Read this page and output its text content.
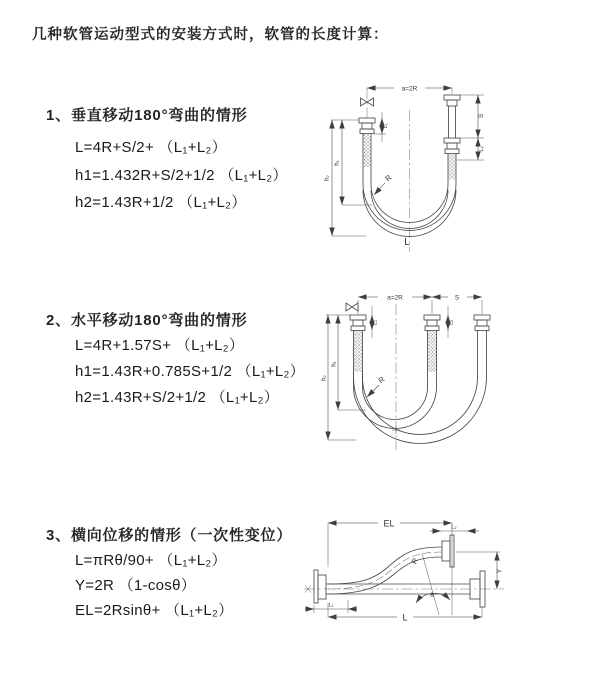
几种软管运动型式的安装方式时，软管的长度计算：
1、垂直移动180°弯曲的情形
L=4R+S/2+ （L₁+L₂）
h1=1.432R+S/2+1/2 （L₁+L₂）
h2=1.43R+1/2 （L₁+L₂）
2、水平移动180°弯曲的情形
L=4R+1.57S+ （L₁+L₂）
h1=1.43R+0.785S+1/2 （L₁+L₂）
h2=1.43R+S/2+1/2 （L₁+L₂）
3、横向位移的情形（一次性变位）
L=πRθ/90+ （L₁+L₂）
Y=2R （1-cosθ）
EL=2Rsinθ+ （L₁+L₂）
a=2R
h₂
h₁
L₁
S
L₂
R
L
a=2R	S
h₂
h₁
L₁	L₂
R
EL	L₂
Y
R
θ
L
L₁
